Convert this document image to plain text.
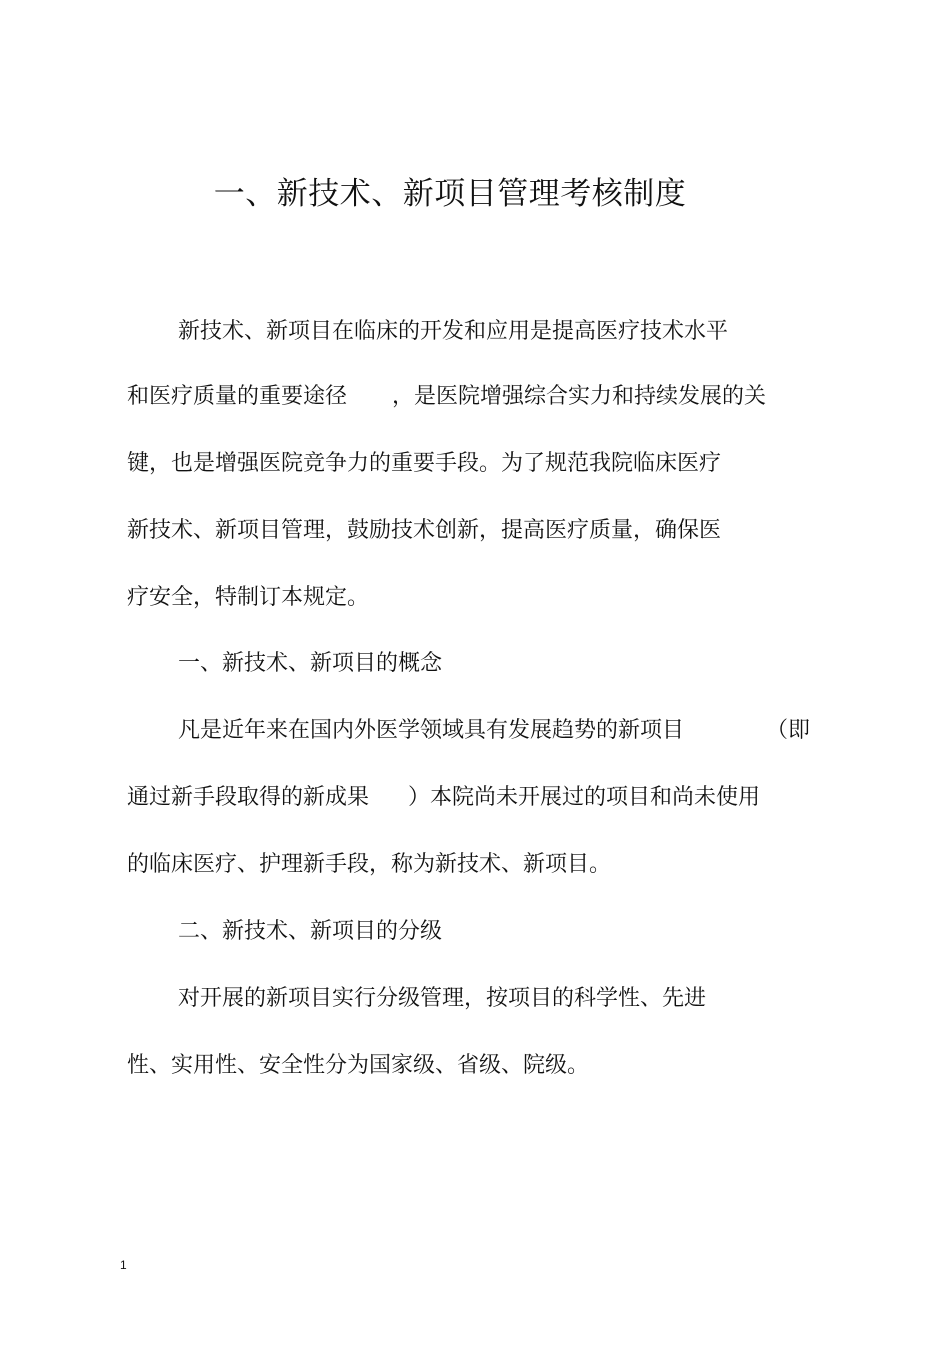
一、新技术、新项目管理考核制度
新技术、新项目在临床的开发和应用是提高医疗技术水平
和医疗质量的重要途径 ，是医院增强综合实力和持续发展的关
键，也是增强医院竞争力的重要手段。为了规范我院临床医疗
新技术、新项目管理，鼓励技术创新，提高医疗质量，确保医
疗安全，特制订本规定。
一、新技术、新项目的概念
凡是近年来在国内外医学领域具有发展趋势的新项目	（即
通过新手段取得的新成果 ）本院尚未开展过的项目和尚未使用
的临床医疗、护理新手段，称为新技术、新项目。
二、新技术、新项目的分级
对开展的新项目实行分级管理，按项目的科学性、先进
性、实用性、安全性分为国家级、省级、院级。
1
